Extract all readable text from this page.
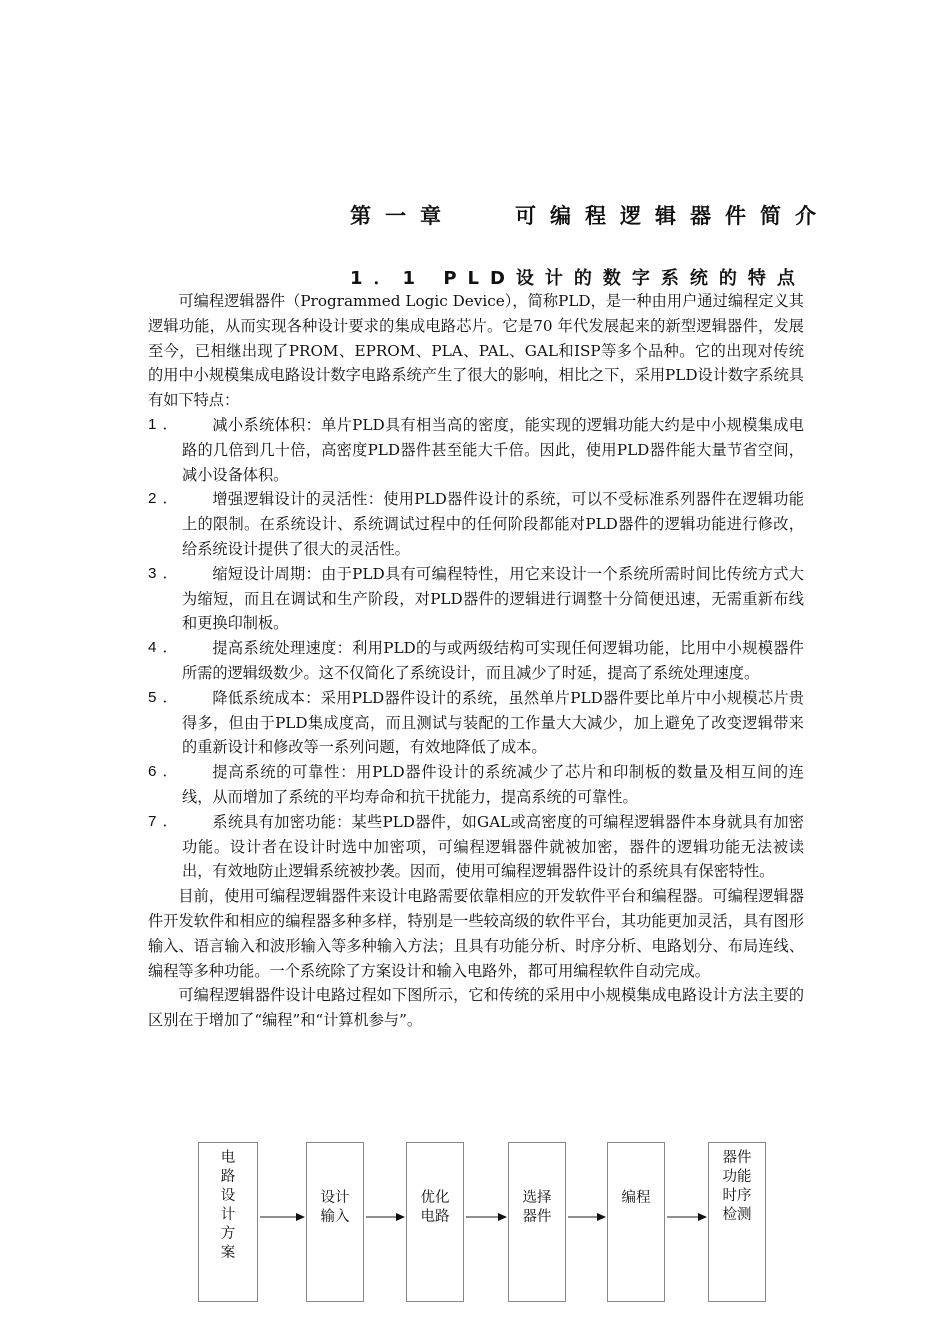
第一章	可编程逻辑器件简介
1．1 PLD设计的数字系统的特点

可编程逻辑器件（Programmed Logic Device），简称PLD，是一种由用户通过编程定义其逻辑功能，从而实现各种设计要求的集成电路芯片。它是70 年代发展起来的新型逻辑器件，发展至今，已相继出现了PROM、EPROM、PLA、PAL、GAL和ISP等多个品种。它的出现对传统的用中小规模集成电路设计数字电路系统产生了很大的影响，相比之下，采用PLD设计数字系统具有如下特点：

1．	减小系统体积：单片PLD具有相当高的密度，能实现的逻辑功能大约是中小规模集成电路的几倍到几十倍，高密度PLD器件甚至能大千倍。因此，使用PLD器件能大量节省空间，减小设备体积。

2．	增强逻辑设计的灵活性：使用PLD器件设计的系统，可以不受标准系列器件在逻辑功能上的限制。在系统设计、系统调试过程中的任何阶段都能对PLD器件的逻辑功能进行修改，给系统设计提供了很大的灵活性。

3．	缩短设计周期：由于PLD具有可编程特性，用它来设计一个系统所需时间比传统方式大为缩短，而且在调试和生产阶段，对PLD器件的逻辑进行调整十分简便迅速，无需重新布线和更换印制板。

4．	提高系统处理速度：利用PLD的与或两级结构可实现任何逻辑功能，比用中小规模器件所需的逻辑级数少。这不仅简化了系统设计，而且减少了时延，提高了系统处理速度。

5．	降低系统成本：采用PLD器件设计的系统，虽然单片PLD器件要比单片中小规模芯片贵得多，但由于PLD集成度高，而且测试与装配的工作量大大减少，加上避免了改变逻辑带来的重新设计和修改等一系列问题，有效地降低了成本。

6．	提高系统的可靠性：用PLD器件设计的系统减少了芯片和印制板的数量及相互间的连线，从而增加了系统的平均寿命和抗干扰能力，提高系统的可靠性。

7．	系统具有加密功能：某些PLD器件，如GAL或高密度的可编程逻辑器件本身就具有加密功能。设计者在设计时选中加密项，可编程逻辑器件就被加密，器件的逻辑功能无法被读出，有效地防止逻辑系统被抄袭。因而，使用可编程逻辑器件设计的系统具有保密特性。

目前，使用可编程逻辑器件来设计电路需要依靠相应的开发软件平台和编程器。可编程逻辑器件开发软件和相应的编程器多种多样，特别是一些较高级的软件平台，其功能更加灵活，具有图形输入、语言输入和波形输入等多种输入方法；且具有功能分析、时序分析、电路划分、布局连线、编程等多种功能。一个系统除了方案设计和输入电路外，都可用编程软件自动完成。

可编程逻辑器件设计电路过程如下图所示，它和传统的采用中小规模集成电路设计方法主要的区别在于增加了“编程”和“计算机参与”。

电
路
设
计
方
案
设计
输入
优化
电路
选择
器件
编程
器件
功能
时序
检测
